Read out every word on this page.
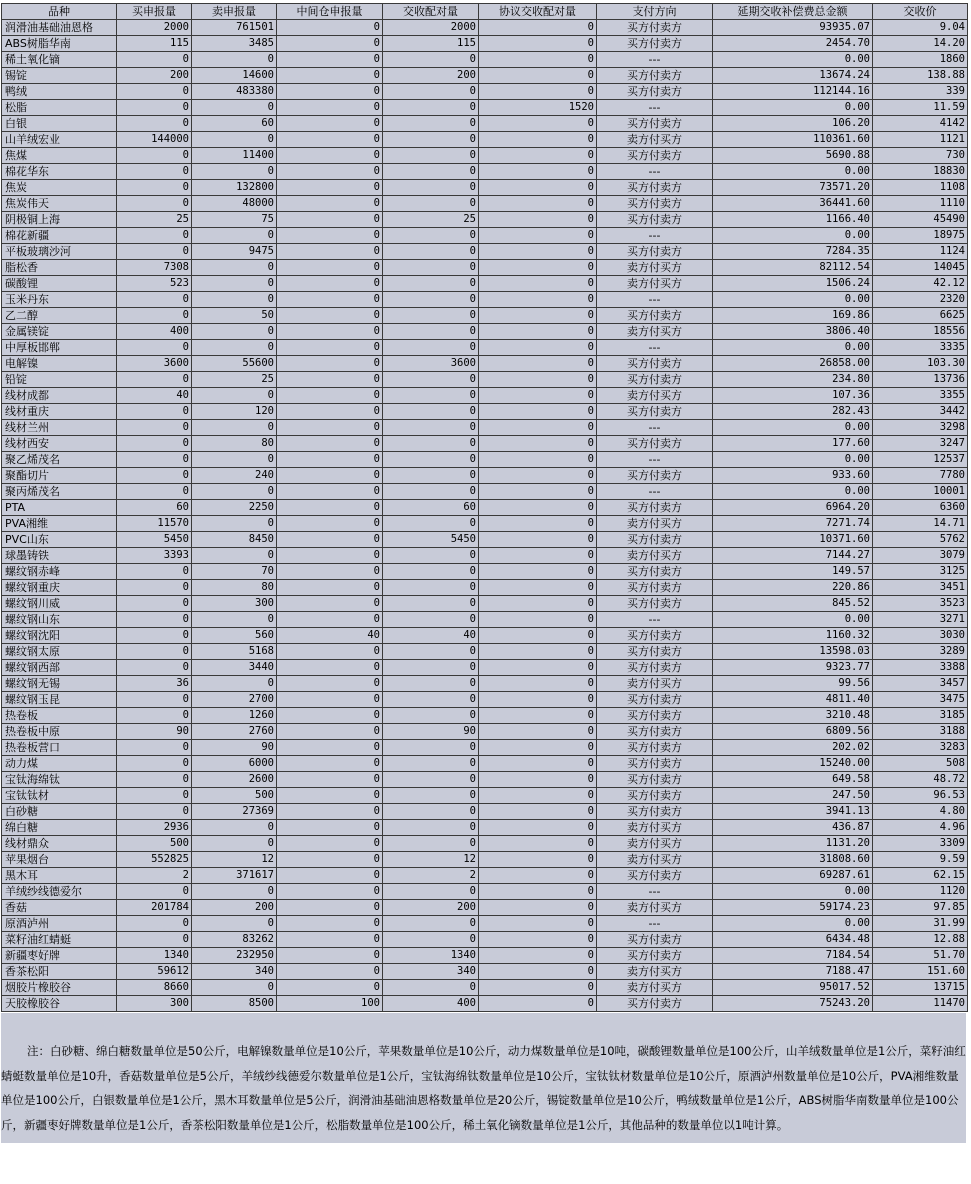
品种	买申报量	卖申报量	中间仓申报量	交收配对量	协议交收配对量	支付方向	延期交收补偿费总金额	交收价
润滑油基础油恩格	2000	761501	0	2000	0	买方付卖方	93935.07	9.04
ABS树脂华南	115	3485	0	115	0	买方付卖方	2454.70	14.20
稀土氧化镝	0	0	0	0	0	---	0.00	1860
锡锭	200	14600	0	200	0	买方付卖方	13674.24	138.88
鸭绒	0	483380	0	0	0	买方付卖方	112144.16	339
松脂	0	0	0	0	1520	---	0.00	11.59
白银	0	60	0	0	0	买方付卖方	106.20	4142
山羊绒宏业	144000	0	0	0	0	卖方付买方	110361.60	1121
焦煤	0	11400	0	0	0	买方付卖方	5690.88	730
棉花华东	0	0	0	0	0	---	0.00	18830
焦炭	0	132800	0	0	0	买方付卖方	73571.20	1108
焦炭伟天	0	48000	0	0	0	买方付卖方	36441.60	1110
阴极铜上海	25	75	0	25	0	买方付卖方	1166.40	45490
棉花新疆	0	0	0	0	0	---	0.00	18975
平板玻璃沙河	0	9475	0	0	0	买方付卖方	7284.35	1124
脂松香	7308	0	0	0	0	卖方付买方	82112.54	14045
碳酸锂	523	0	0	0	0	卖方付买方	1506.24	42.12
玉米丹东	0	0	0	0	0	---	0.00	2320
乙二醇	0	50	0	0	0	买方付卖方	169.86	6625
金属镁锭	400	0	0	0	0	卖方付买方	3806.40	18556
中厚板邯郸	0	0	0	0	0	---	0.00	3335
电解镍	3600	55600	0	3600	0	买方付卖方	26858.00	103.30
铅锭	0	25	0	0	0	买方付卖方	234.80	13736
线材成都	40	0	0	0	0	卖方付买方	107.36	3355
线材重庆	0	120	0	0	0	买方付卖方	282.43	3442
线材兰州	0	0	0	0	0	---	0.00	3298
线材西安	0	80	0	0	0	买方付卖方	177.60	3247
聚乙烯茂名	0	0	0	0	0	---	0.00	12537
聚酯切片	0	240	0	0	0	买方付卖方	933.60	7780
聚丙烯茂名	0	0	0	0	0	---	0.00	10001
PTA	60	2250	0	60	0	买方付卖方	6964.20	6360
PVA湘维	11570	0	0	0	0	卖方付买方	7271.74	14.71
PVC山东	5450	8450	0	5450	0	买方付卖方	10371.60	5762
球墨铸铁	3393	0	0	0	0	卖方付买方	7144.27	3079
螺纹钢赤峰	0	70	0	0	0	买方付卖方	149.57	3125
螺纹钢重庆	0	80	0	0	0	买方付卖方	220.86	3451
螺纹钢川威	0	300	0	0	0	买方付卖方	845.52	3523
螺纹钢山东	0	0	0	0	0	---	0.00	3271
螺纹钢沈阳	0	560	40	40	0	买方付卖方	1160.32	3030
螺纹钢太原	0	5168	0	0	0	买方付卖方	13598.03	3289
螺纹钢西部	0	3440	0	0	0	买方付卖方	9323.77	3388
螺纹钢无锡	36	0	0	0	0	卖方付买方	99.56	3457
螺纹钢玉昆	0	2700	0	0	0	买方付卖方	4811.40	3475
热卷板	0	1260	0	0	0	买方付卖方	3210.48	3185
热卷板中原	90	2760	0	90	0	买方付卖方	6809.56	3188
热卷板营口	0	90	0	0	0	买方付卖方	202.02	3283
动力煤	0	6000	0	0	0	买方付卖方	15240.00	508
宝钛海绵钛	0	2600	0	0	0	买方付卖方	649.58	48.72
宝钛钛材	0	500	0	0	0	买方付卖方	247.50	96.53
白砂糖	0	27369	0	0	0	买方付卖方	3941.13	4.80
绵白糖	2936	0	0	0	0	卖方付买方	436.87	4.96
线材鼎众	500	0	0	0	0	卖方付买方	1131.20	3309
苹果烟台	552825	12	0	12	0	卖方付买方	31808.60	9.59
黑木耳	2	371617	0	2	0	买方付卖方	69287.61	62.15
羊绒纱线德爱尔	0	0	0	0	0	---	0.00	1120
香菇	201784	200	0	200	0	卖方付买方	59174.23	97.85
原酒泸州	0	0	0	0	0	---	0.00	31.99
菜籽油红蜻蜓	0	83262	0	0	0	买方付卖方	6434.48	12.88
新疆枣好牌	1340	232950	0	1340	0	买方付卖方	7184.54	51.70
香茶松阳	59612	340	0	340	0	卖方付买方	7188.47	151.60
烟胶片橡胶谷	8660	0	0	0	0	卖方付买方	95017.52	13715
天胶橡胶谷	300	8500	100	400	0	买方付卖方	75243.20	11470
注：白砂糖、绵白糖数量单位是50公斤，电解镍数量单位是10公斤，苹果数量单位是10公斤，动力煤数量单位是10吨，碳酸锂数量单位是100公斤，山羊绒数量单位是1公斤，菜籽油红蜻蜓数量单位是10升，香菇数量单位是5公斤，羊绒纱线德爱尔数量单位是1公斤，宝钛海绵钛数量单位是10公斤，宝钛钛材数量单位是10公斤，原酒泸州数量单位是10公斤，PVA湘维数量单位是100公斤，白银数量单位是1公斤，黑木耳数量单位是5公斤，润滑油基础油恩格数量单位是20公斤，锡锭数量单位是10公斤，鸭绒数量单位是1公斤，ABS树脂华南数量单位是100公斤，新疆枣好牌数量单位是1公斤，香茶松阳数量单位是1公斤，松脂数量单位是100公斤，稀土氧化镝数量单位是1公斤，其他品种的数量单位以1吨计算。
